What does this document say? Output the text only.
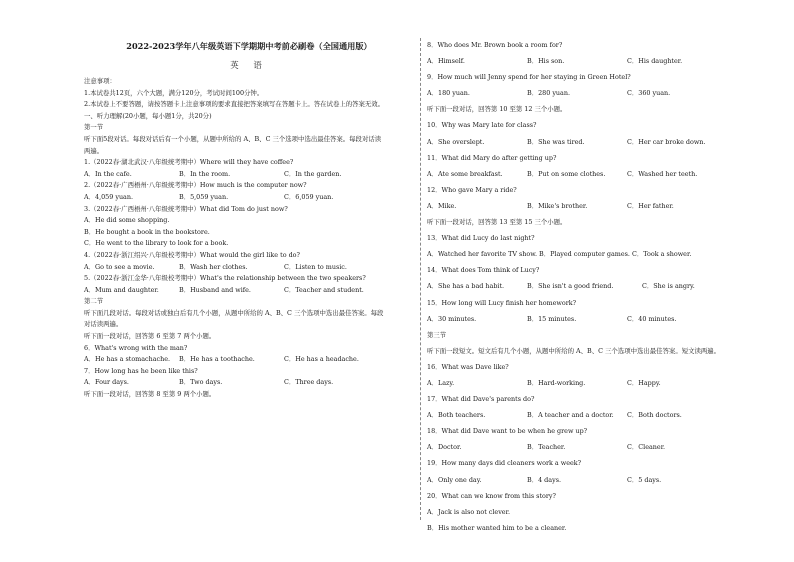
2022-2023学年八年级英语下学期期中考前必刷卷（全国通用版）
英 语
注意事项：
1.本试卷共12页，六个大题，满分120分，考试时间100分钟。
2.本试卷上不要答题，请按答题卡上注意事项的要求直接把答案填写在答题卡上。答在试卷上的答案无效。
一、听力理解(20小题，每小题1分，共20分)
第一节
听下面5段对话。每段对话后有一个小题，从题中所给的 A、B、C 三个选项中选出最佳答案。每段对话读
两遍。
1.（2022春·湖北武汉·八年级统考期中）Where will they have coffee?
A．In the cafe.	B．In the room.	C．In the garden.
2.（2022春·广西梧州·八年级统考期中）How much is the computer now?
A．4,059 yuan.	B．5,059 yuan.	C．6,059 yuan.
3.（2022春·广西梧州·八年级统考期中）What did Tom do just now?
A．He did some shopping.
B．He bought a book in the bookstore.
C．He went to the library to look for a book.
4.（2022春·浙江绍兴·八年级校考期中）What would the girl like to do?
A．Go to see a movie.	B．Wash her clothes.	C．Listen to music.
5.（2022春·浙江金华·八年级校考期中）What's the relationship between the two speakers?
A．Mum and daughter.	B．Husband and wife.	C．Teacher and student.
第二节
听下面几段对话。每段对话或独白后有几个小题，从题中所给的 A、B、C 三个选项中选出最佳答案。每段
对话读两遍。
听下面一段对话，回答第 6 至第 7 两个小题。
6．What's wrong with the man?
A．He has a stomachache.	B．He has a toothache.	C．He has a headache.
7．How long has he been like this?
A．Four days.	B．Two days.	C．Three days.
听下面一段对话，回答第 8 至第 9 两个小题。
8．Who does Mr. Brown book a room for?
A．Himself.	B．His son.	C．His daughter.
9．How much will Jenny spend for her staying in Green Hotel?
A．180 yuan.	B．280 yuan.	C．360 yuan.
听下面一段对话，回答第 10 至第 12 三个小题。
10．Why was Mary late for class?
A．She overslept.	B．She was tired.	C．Her car broke down.
11．What did Mary do after getting up?
A．Ate some breakfast.	B．Put on some clothes.	C．Washed her teeth.
12．Who gave Mary a ride?
A．Mike.	B．Mike's brother.	C．Her father.
听下面一段对话，回答第 13 至第 15 三个小题。
13．What did Lucy do last night?
A．Watched her favorite TV show. B．Played computer games. C．Took a shower.
14．What does Tom think of Lucy?
A．She has a bad habit.	B．She isn't a good friend.	C．She is angry.
15．How long will Lucy finish her homework?
A．30 minutes.	B．15 minutes.	C．40 minutes.
第三节
听下面一段短文。短文后有几个小题，从题中所给的 A、B、C 三个选项中选出最佳答案。短文读两遍。
16．What was Dave like?
A．Lazy.	B．Hard-working.	C．Happy.
17．What did Dave's parents do?
A．Both teachers.	B．A teacher and a doctor.	C．Both doctors.
18．What did Dave want to be when he grew up?
A．Doctor.	B．Teacher.	C．Cleaner.
19．How many days did cleaners work a week?
A．Only one day.	B．4 days.	C．5 days.
20．What can we know from this story?
A．Jack is also not clever.
B．His mother wanted him to be a cleaner.
